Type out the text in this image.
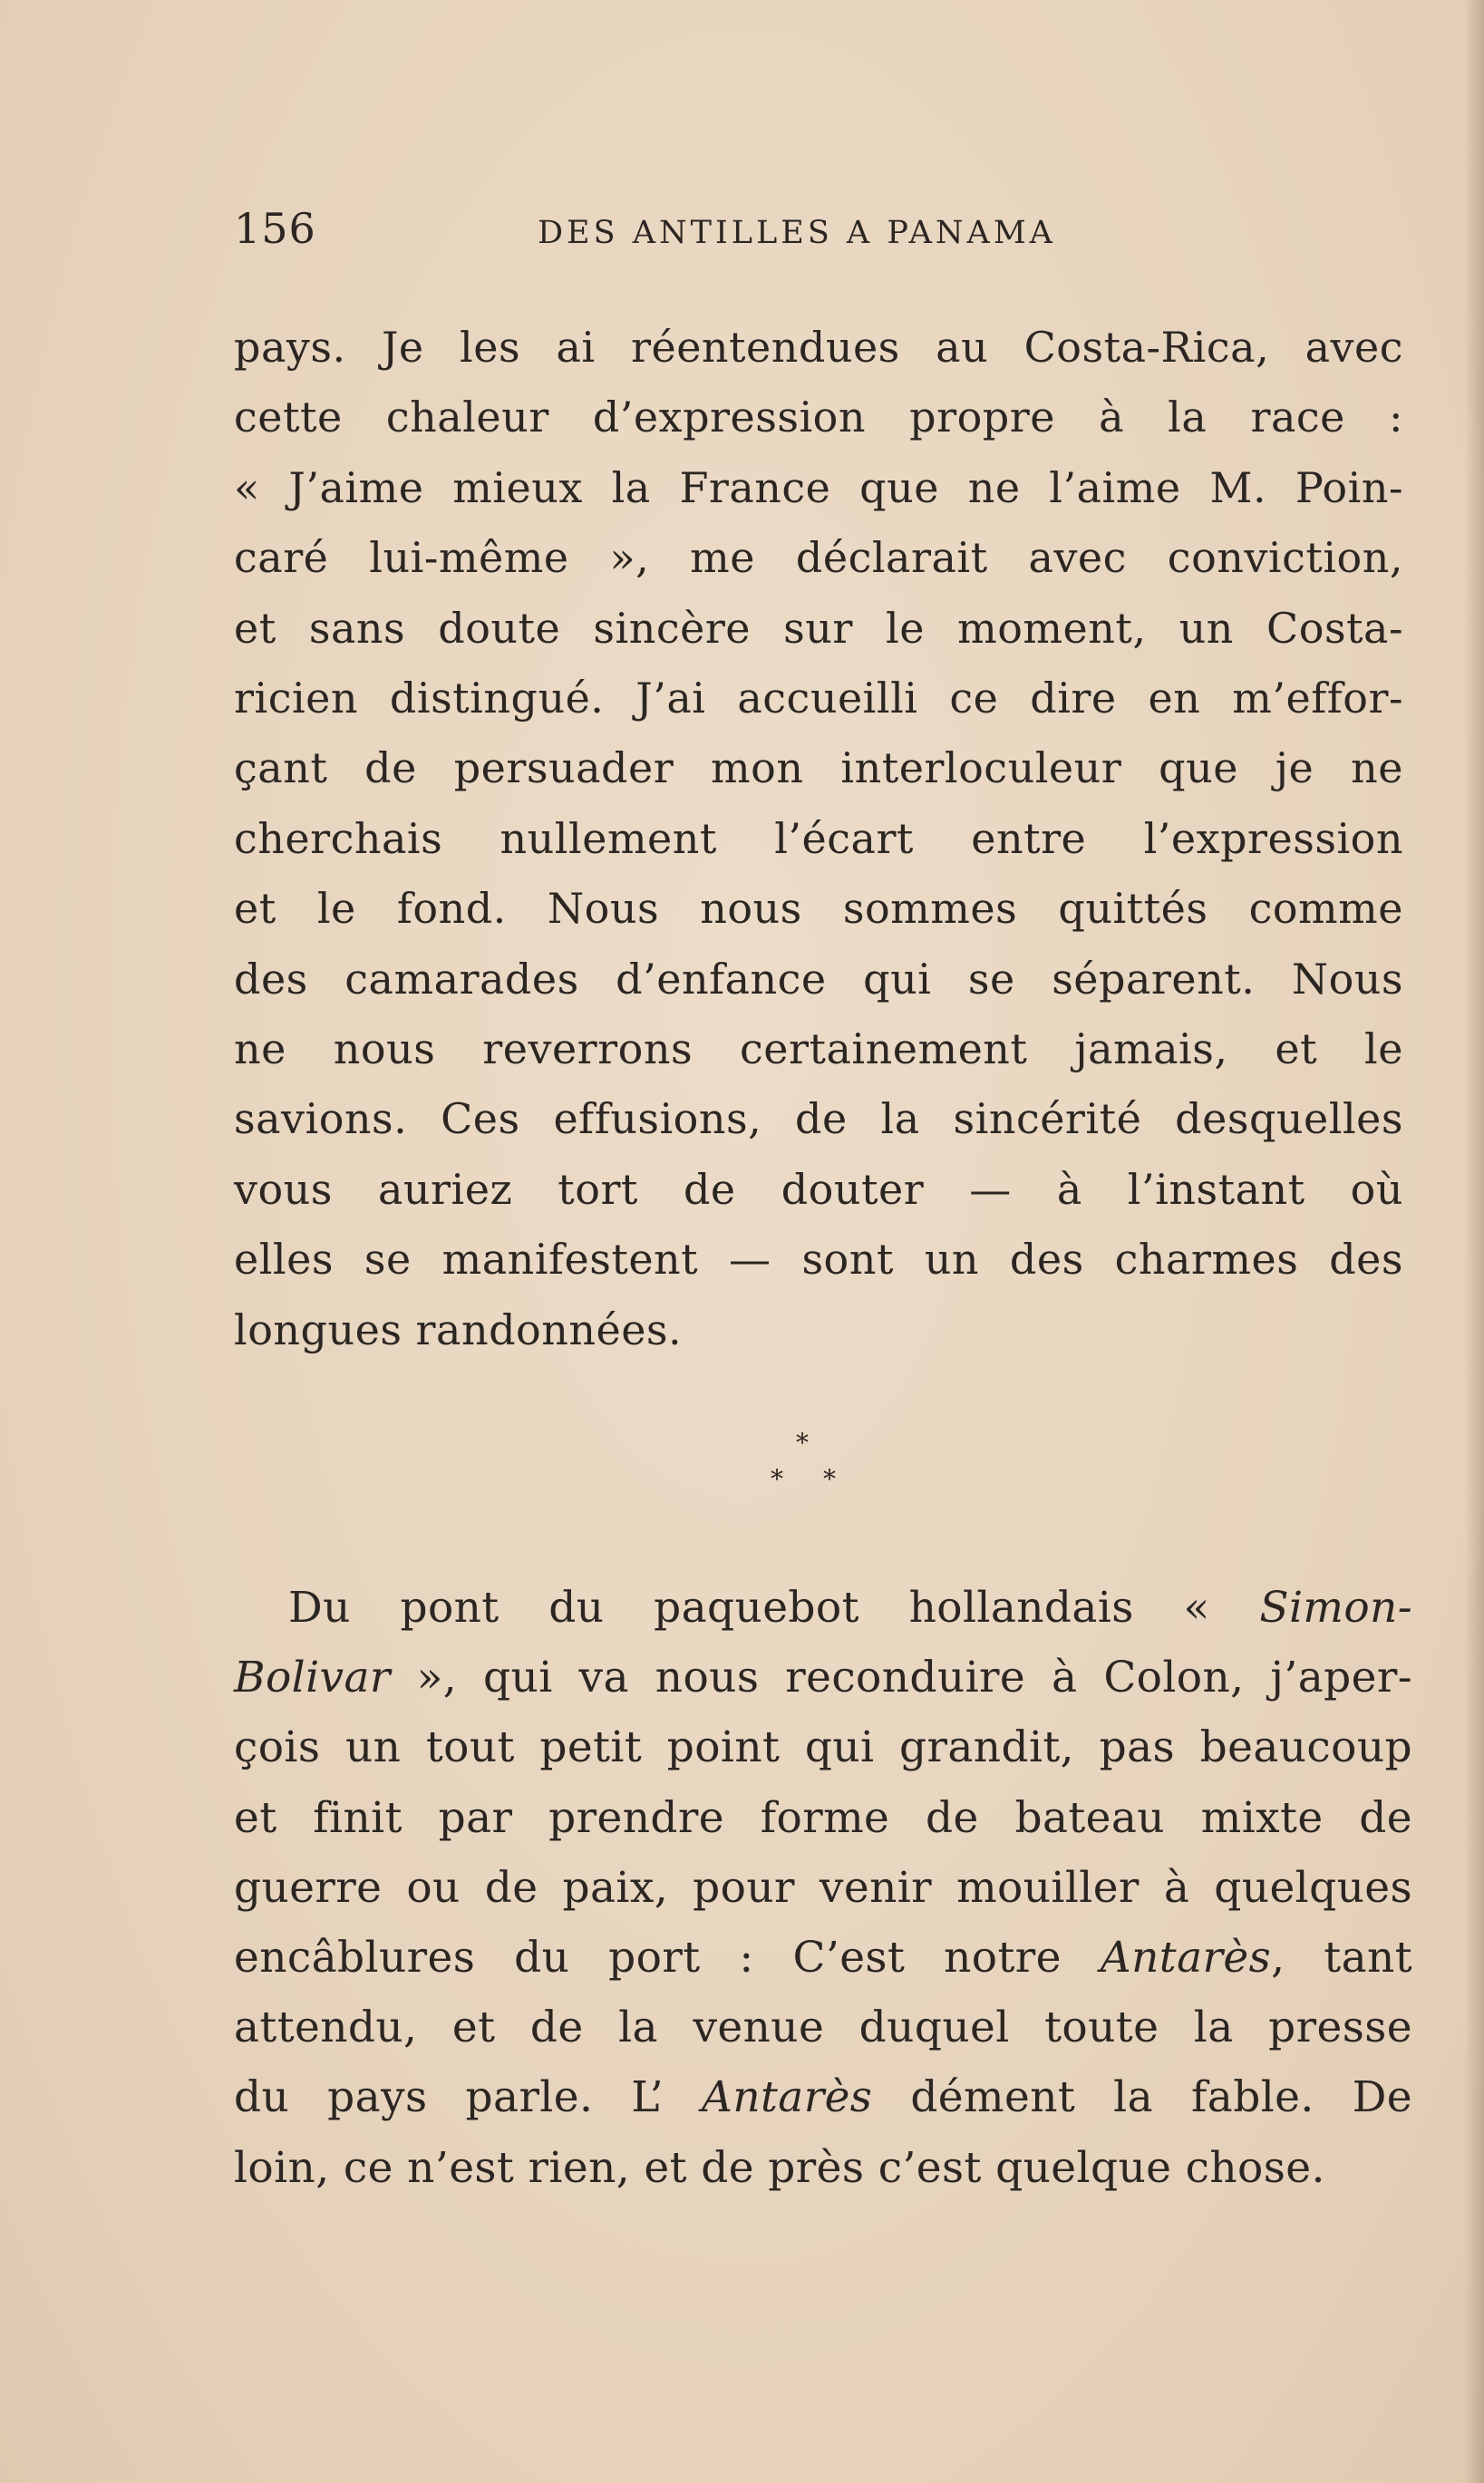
156	DES ANTILLES A PANAMA
pays. Je les ai réentendues au Costa-Rica, avec
cette chaleur d’expression propre à la race :
« J’aime mieux la France que ne l’aime M. Poin-
caré lui-même », me déclarait avec conviction,
et sans doute sincère sur le moment, un Costa-
ricien distingué. J’ai accueilli ce dire en m’effor-
çant de persuader mon interloculeur que je ne
cherchais nullement l’écart entre l’expression
et le fond. Nous nous sommes quittés comme
des camarades d’enfance qui se séparent. Nous
ne nous reverrons certainement jamais, et le
savions. Ces effusions, de la sincérité desquelles
vous auriez tort de douter — à l’instant où
elles se manifestent — sont un des charmes des
longues randonnées.
*
* *
Du pont du paquebot hollandais « Simon-
Bolivar », qui va nous reconduire à Colon, j’aper-
çois un tout petit point qui grandit, pas beaucoup
et finit par prendre forme de bateau mixte de
guerre ou de paix, pour venir mouiller à quelques
encâblures du port : C’est notre Antarès, tant
attendu, et de la venue duquel toute la presse
du pays parle. L’ Antarès dément la fable. De
loin, ce n’est rien, et de près c’est quelque chose.
